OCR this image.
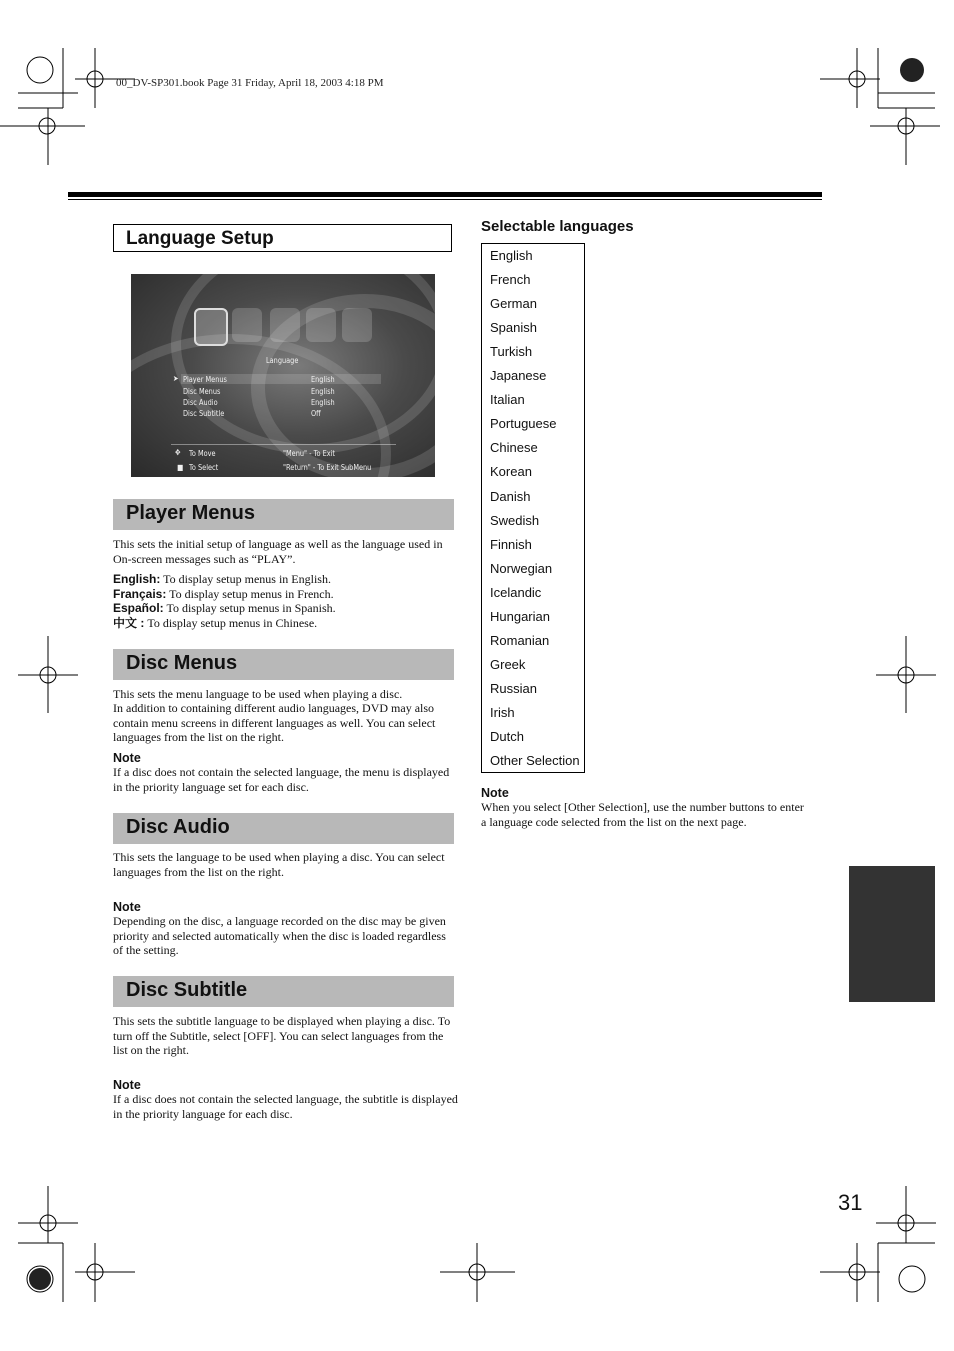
00_DV-SP301.book Page 31 Friday, April 18, 2003 4:18 PM
Language Setup
Language
➤ Player Menus	English
Disc Menus	English
Disc Audio	English
Disc Subtitle	Off
✥ To Move
■ To Select
"Menu" - To Exit
"Return" - To Exit SubMenu
Player Menus

This sets the initial setup of language as well as the language used in On-screen messages such as “PLAY”.

English: To display setup menus in English.
Français: To display setup menus in French.
Español: To display setup menus in Spanish.
中文 : To display setup menus in Chinese.
Disc Menus

This sets the menu language to be used when playing a disc.

In addition to containing different audio languages, DVD may also contain menu screens in different languages as well. You can select languages from the list on the right.

Note

If a disc does not contain the selected language, the menu is displayed in the priority language set for each disc.

Disc Audio

This sets the language to be used when playing a disc. You can select languages from the list on the right.

Note

Depending on the disc, a language recorded on the disc may be given priority and selected automatically when the disc is loaded regardless of the setting.

Disc Subtitle

This sets the subtitle language to be displayed when playing a disc. To turn off the Subtitle, select [OFF]. You can select languages from the list on the right.

Note

If a disc does not contain the selected language, the subtitle is displayed in the priority language for each disc.

Selectable languages
English
French
German
Spanish
Turkish
Japanese
Italian
Portuguese
Chinese
Korean
Danish
Swedish
Finnish
Norwegian
Icelandic
Hungarian
Romanian
Greek
Russian
Irish
Dutch
Other Selection
Note

When you select [Other Selection], use the number buttons to enter a language code selected from the list on the next page.

31
